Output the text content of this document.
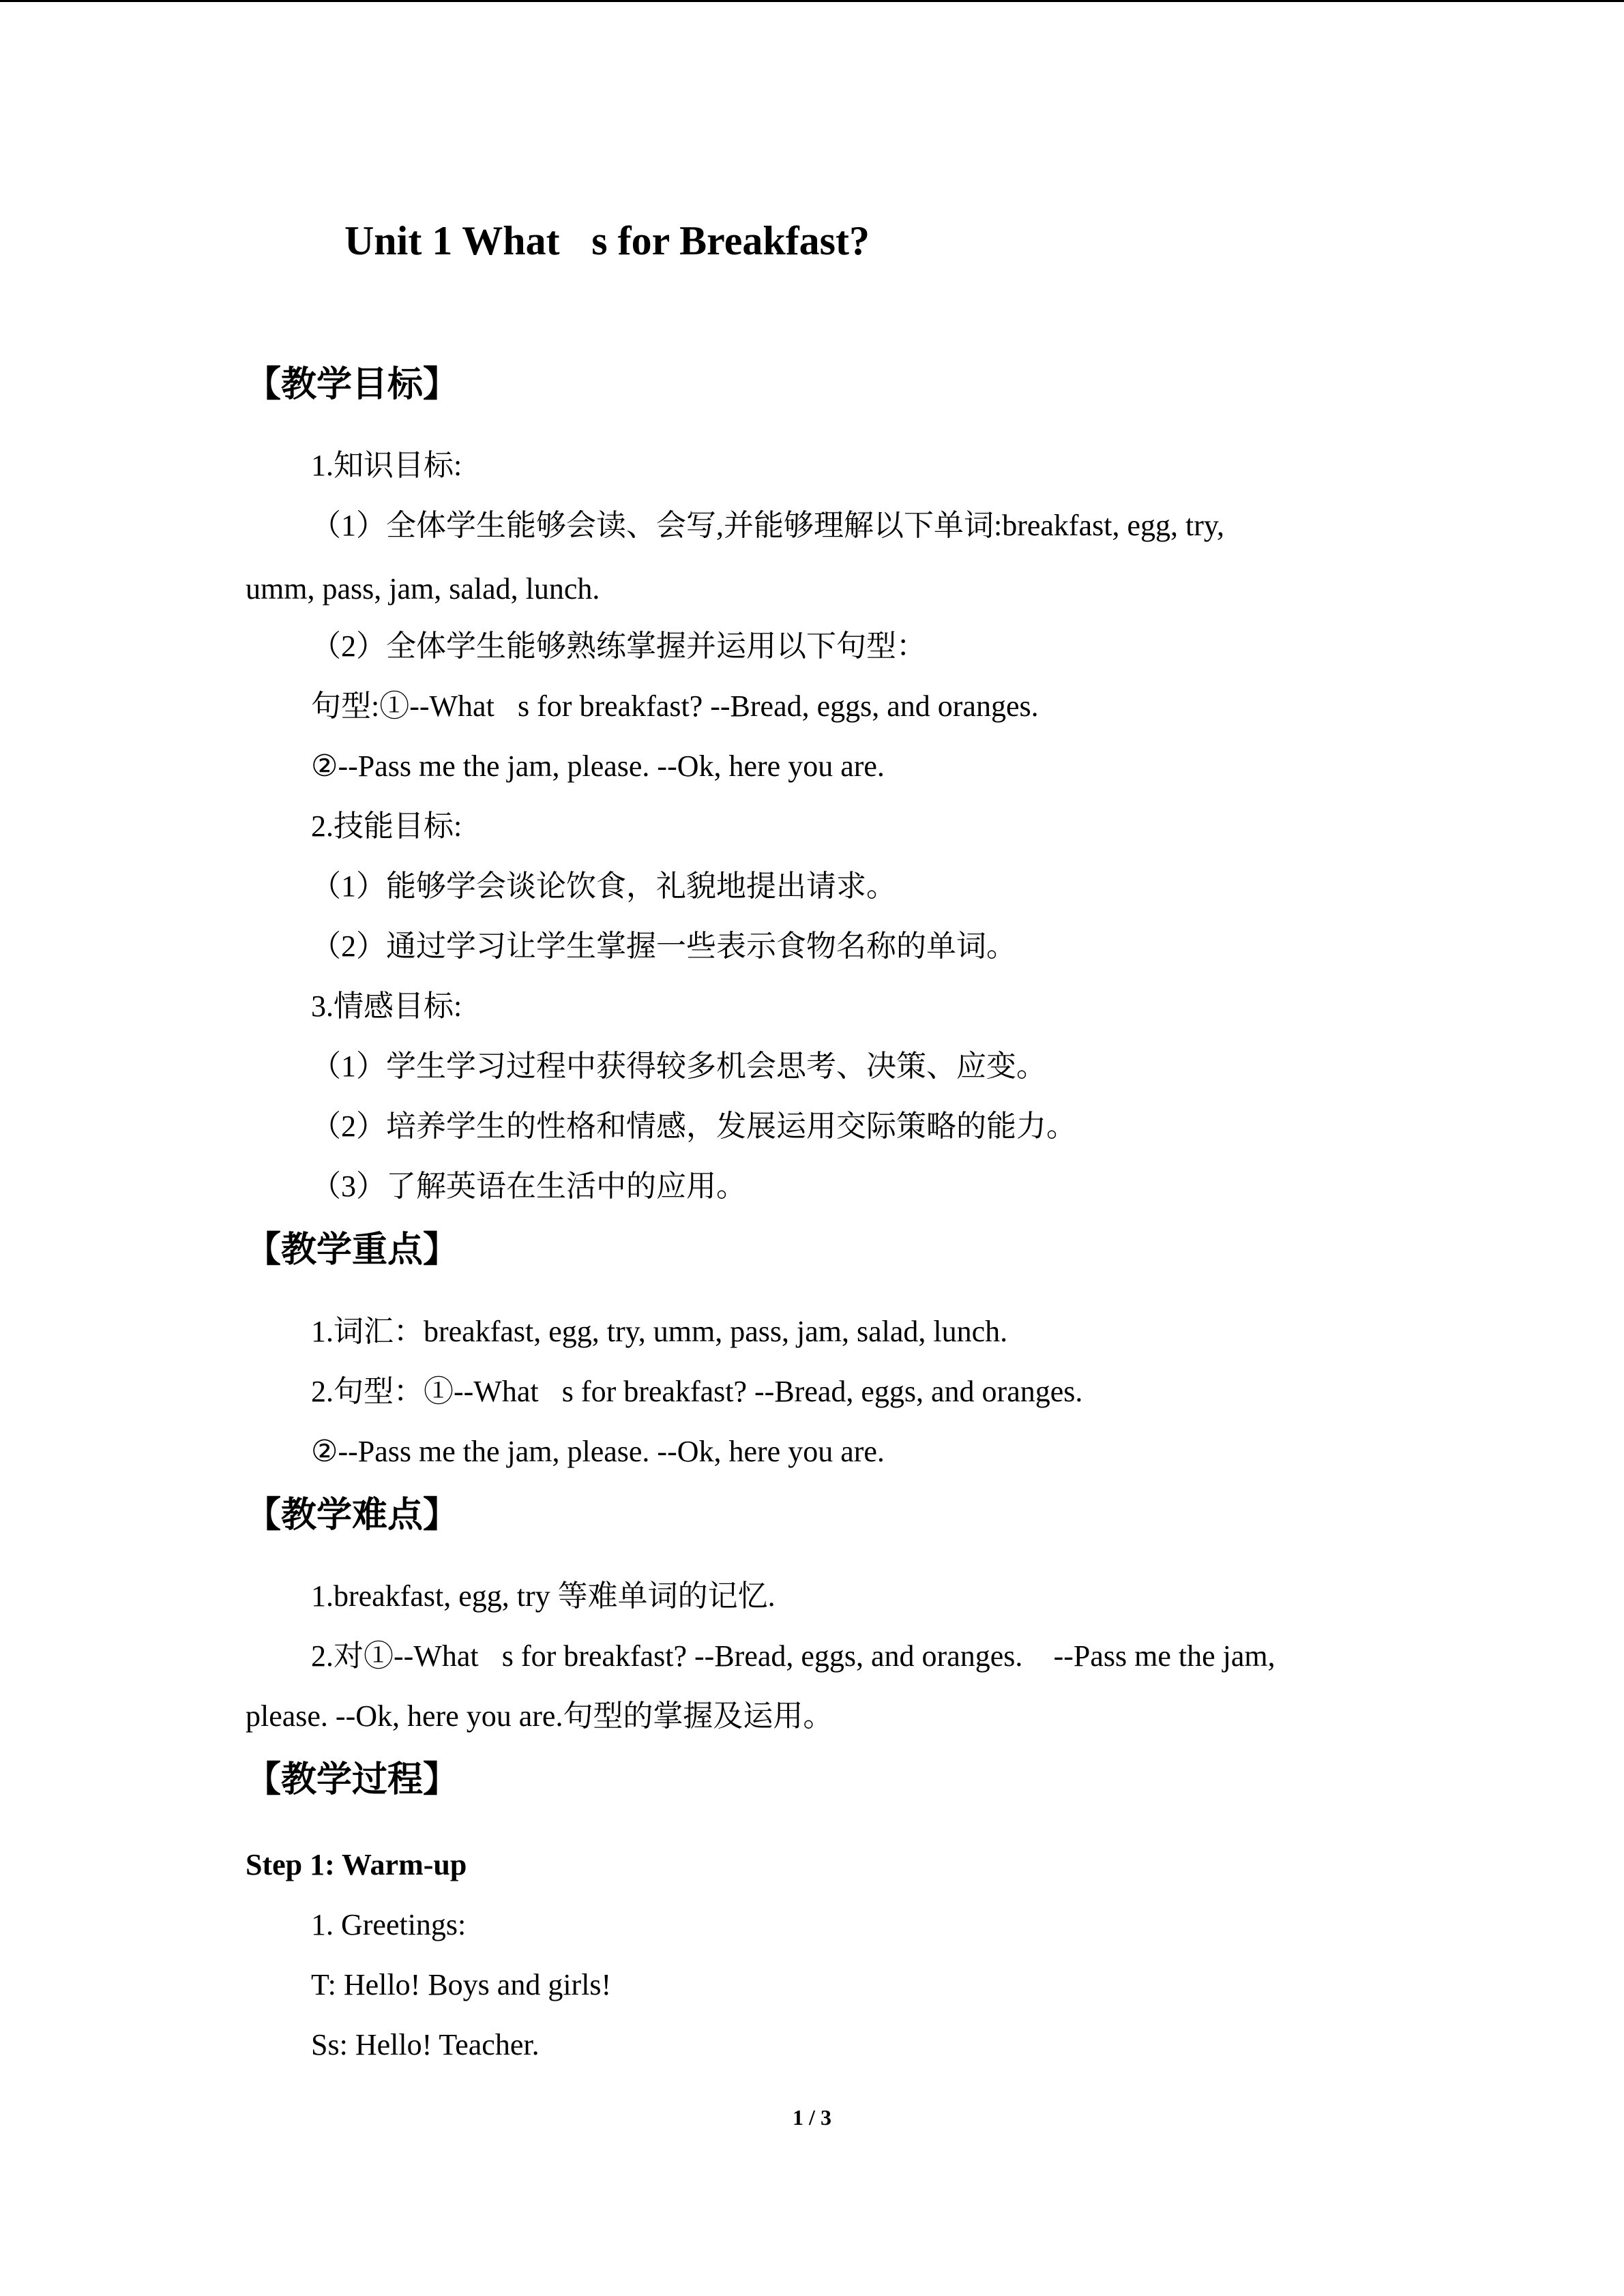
Unit 1 What s for Breakfast?
【教学目标】
1.知识目标:
（1）全体学生能够会读、会写,并能够理解以下单词:breakfast, egg, try,
umm, pass, jam, salad, lunch.
（2）全体学生能够熟练掌握并运用以下句型：
句型:①--What s for breakfast? --Bread, eggs, and oranges.
②--Pass me the jam, please. --Ok, here you are.
2.技能目标:
（1）能够学会谈论饮食，礼貌地提出请求。
（2）通过学习让学生掌握一些表示食物名称的单词。
3.情感目标:
（1）学生学习过程中获得较多机会思考、决策、应变。
（2）培养学生的性格和情感，发展运用交际策略的能力。
（3）了解英语在生活中的应用。
【教学重点】
1.词汇：breakfast, egg, try, umm, pass, jam, salad, lunch.
2.句型：①--What s for breakfast? --Bread, eggs, and oranges.
②--Pass me the jam, please. --Ok, here you are.
【教学难点】
1.breakfast, egg, try 等难单词的记忆.
2.对①--What s for breakfast? --Bread, eggs, and oranges. ②--Pass me the jam,
please. --Ok, here you are.句型的掌握及运用。
【教学过程】
Step 1: Warm-up
1. Greetings:
T: Hello! Boys and girls!
Ss: Hello! Teacher.
1 / 3
